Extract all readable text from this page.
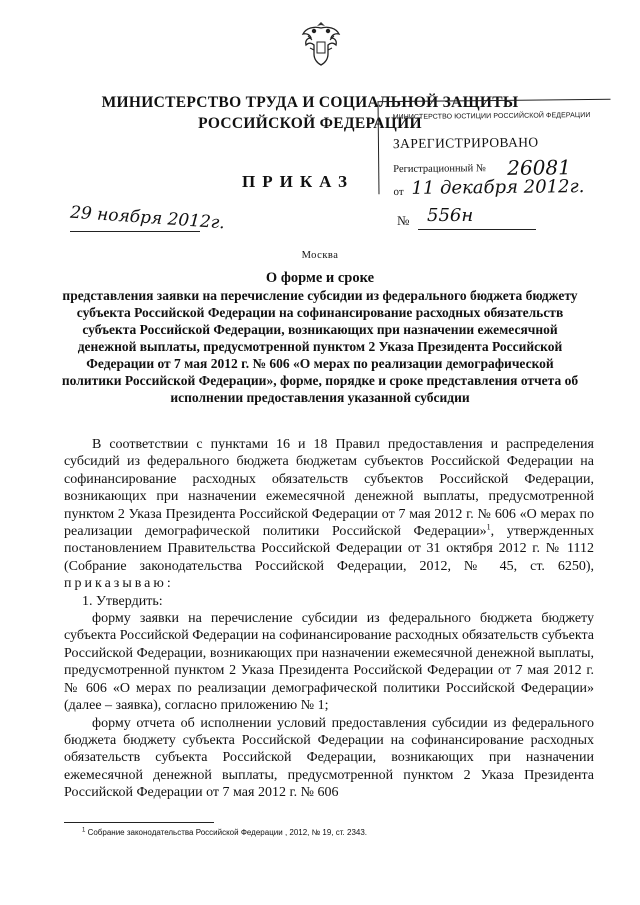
МИНИСТЕРСТВО ТРУДА И СОЦИАЛЬНОЙ ЗАЩИТЫ
РОССИЙСКОЙ ФЕДЕРАЦИИ
МИНИСТЕРСТВО ЮСТИЦИИ РОССИЙСКОЙ ФЕДЕРАЦИИ
ЗАРЕГИСТРИРОВАНО
Регистрационный № 26081
от 11 декабря 2012г.
ПРИКАЗ
29 ноября 2012г.	№ 556н
Москва
О форме и сроке
представления заявки на перечисление субсидии из федерального бюджета бюджету субъекта Российской Федерации на софинансирование расходных обязательств субъекта Российской Федерации, возникающих при назначении ежемесячной денежной выплаты, предусмотренной пунктом 2 Указа Президента Российской Федерации от 7 мая 2012 г. № 606 «О мерах по реализации демографической политики Российской Федерации», форме, порядке и сроке представления отчета об исполнении предоставления указанной субсидии

В соответствии с пунктами 16 и 18 Правил предоставления и распределения субсидий из федерального бюджета бюджетам субъектов Российской Федерации на софинансирование расходных обязательств субъектов Российской Федерации, возникающих при назначении ежемесячной денежной выплаты, предусмотренной пунктом 2 Указа Президента Российской Федерации от 7 мая 2012 г. № 606 «О мерах по реализации демографической политики Российской Федерации»$^1$, утвержденных постановлением Правительства Российской Федерации от 31 октября 2012 г. № 1112 (Собрание законодательства Российской Федерации, 2012, № 45, ст. 6250), приказываю:

1. Утвердить:

форму заявки на перечисление субсидии из федерального бюджета бюджету субъекта Российской Федерации на софинансирование расходных обязательств субъекта Российской Федерации, возникающих при назначении ежемесячной денежной выплаты, предусмотренной пунктом 2 Указа Президента Российской Федерации от 7 мая 2012 г. № 606 «О мерах по реализации демографической политики Российской Федерации» (далее – заявка), согласно приложению № 1;

форму отчета об исполнении условий предоставления субсидии из федерального бюджета бюджету субъекта Российской Федерации на софинансирование расходных обязательств субъекта Российской Федерации, возникающих при назначении ежемесячной денежной выплаты, предусмотренной пунктом 2 Указа Президента Российской Федерации от 7 мая 2012 г. № 606

$^1$ Собрание законодательства Российской Федерации , 2012, № 19, ст. 2343.
